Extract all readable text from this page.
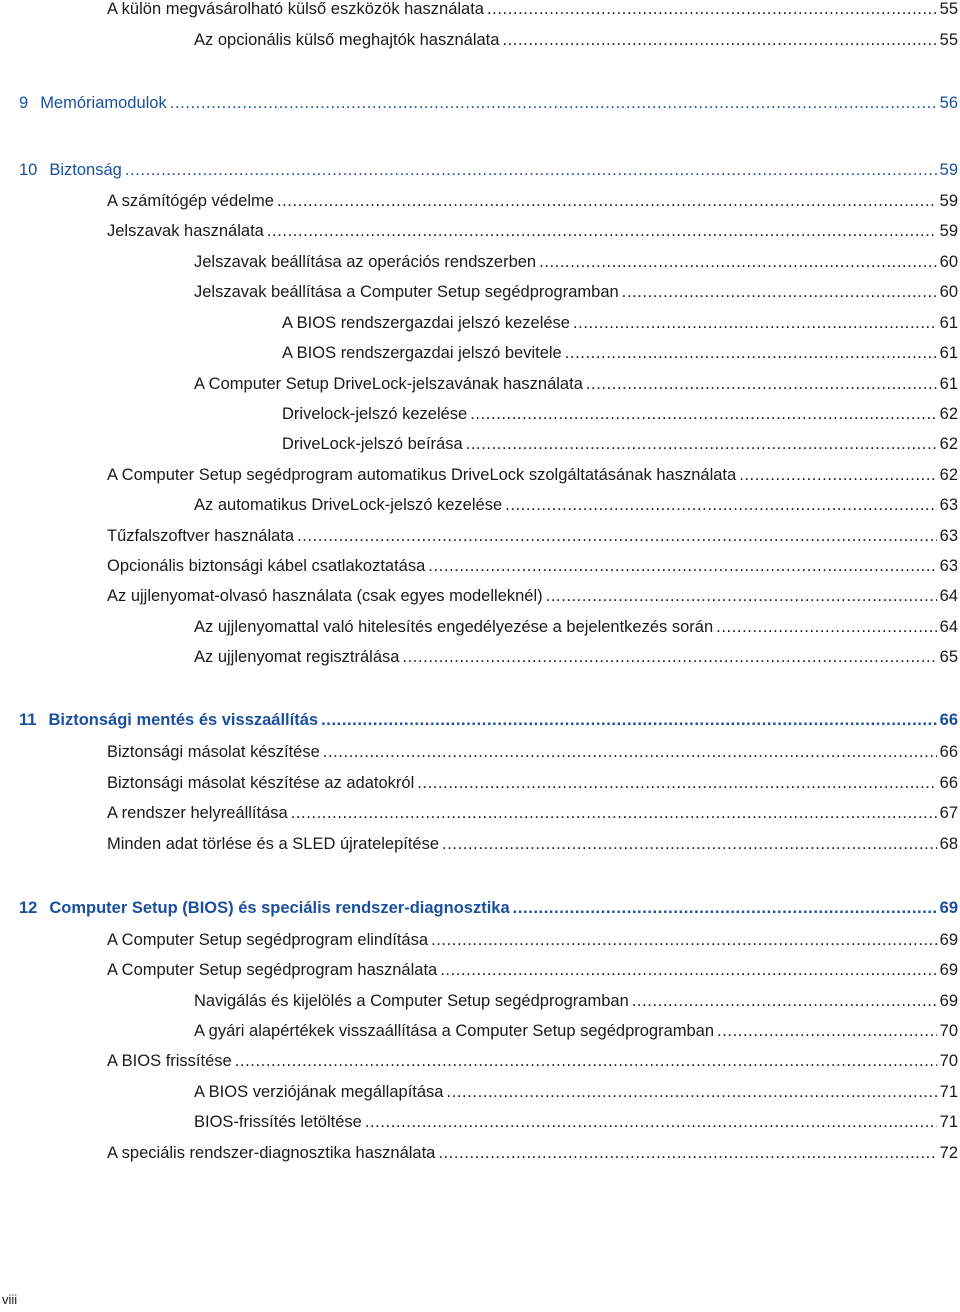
A külön megvásárolható külső eszközök használata .....	55
Az opcionális külső meghajtók használata .....	55
9 Memóriamodulok .....	56
10 Biztonság .....	59
A számítógép védelme .....	59
Jelszavak használata .....	59
Jelszavak beállítása az operációs rendszerben .....	60
Jelszavak beállítása a Computer Setup segédprogramban .....	60
A BIOS rendszergazdai jelszó kezelése .....	61
A BIOS rendszergazdai jelszó bevitele .....	61
A Computer Setup DriveLock-jelszavának használata .....	61
Drivelock-jelszó kezelése .....	62
DriveLock-jelszó beírása .....	62
A Computer Setup segédprogram automatikus DriveLock szolgáltatásának használata .....	62
Az automatikus DriveLock-jelszó kezelése .....	63
Tűzfalszoftver használata .....	63
Opcionális biztonsági kábel csatlakoztatása .....	63
Az ujjlenyomat-olvasó használata (csak egyes modelleknél) .....	64
Az ujjlenyomattal való hitelesítés engedélyezése a bejelentkezés során .....	64
Az ujjlenyomat regisztrálása .....	65
11 Biztonsági mentés és visszaállítás .....	66
Biztonsági másolat készítése .....	66
Biztonsági másolat készítése az adatokról .....	66
A rendszer helyreállítása .....	67
Minden adat törlése és a SLED újratelepítése .....	68
12 Computer Setup (BIOS) és speciális rendszer-diagnosztika .....	69
A Computer Setup segédprogram elindítása .....	69
A Computer Setup segédprogram használata .....	69
Navigálás és kijelölés a Computer Setup segédprogramban .....	69
A gyári alapértékek visszaállítása a Computer Setup segédprogramban .....	70
A BIOS frissítése .....	70
A BIOS verziójának megállapítása .....	71
BIOS-frissítés letöltése .....	71
A speciális rendszer-diagnosztika használata .....	72
viii
